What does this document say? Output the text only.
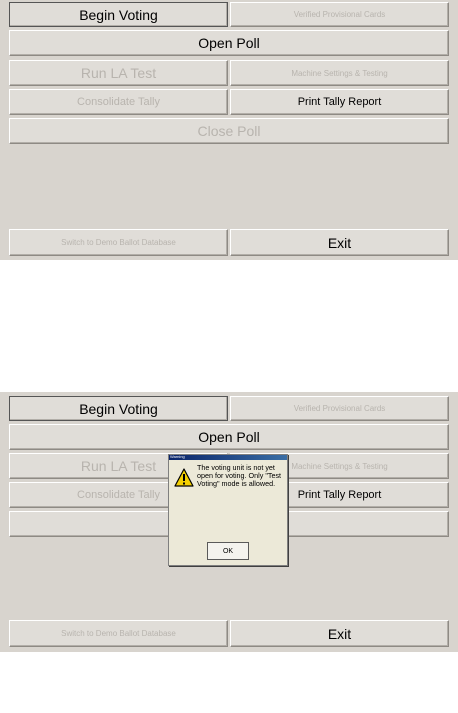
Begin Voting	Verified Provisional Cards
Open Poll
Run LA Test	Machine Settings & Testing
Consolidate Tally	Print Tally Report
Close Poll
Switch to Demo Ballot Database	Exit
Begin Voting	Verified Provisional Cards
Open Poll
Run LA Test	Machine Settings & Testing
Consolidate Tally	Print Tally Report
Switch to Demo Ballot Database	Exit
Warning
The voting unit is not yet open for voting. Only "Test Voting" mode is allowed.
OK
